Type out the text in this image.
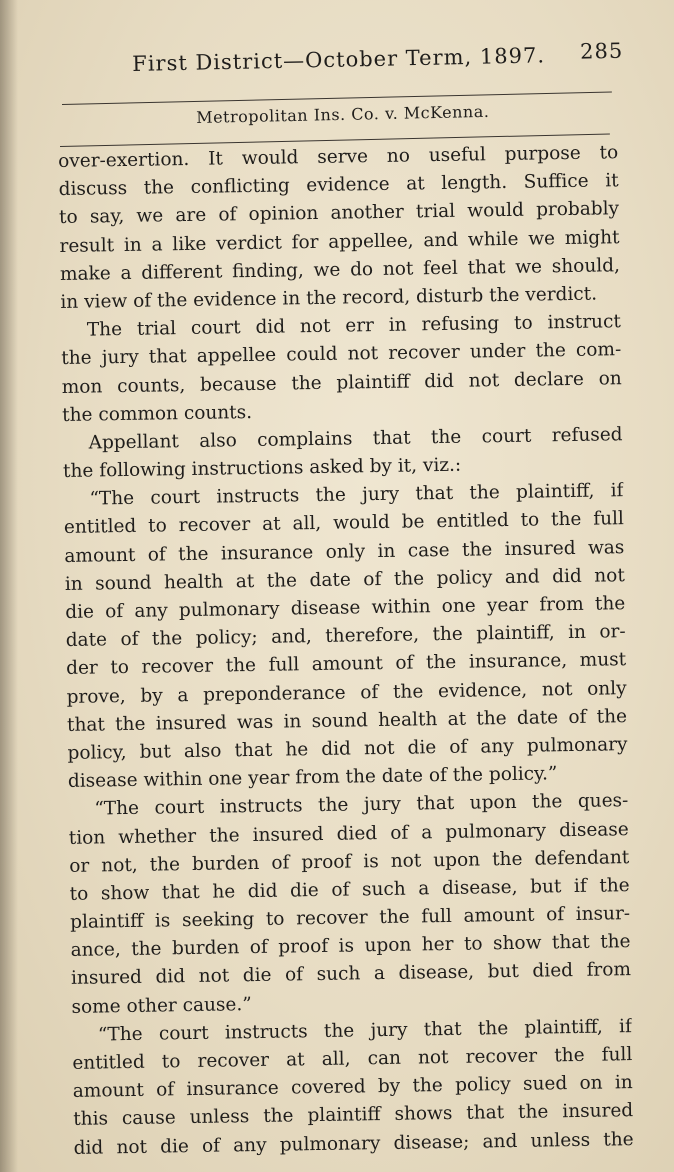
First District—October Term, 1897. 285
Metropolitan Ins. Co. v. McKenna.
over-exertion. It would serve no useful purpose to
discuss the conflicting evidence at length. Suffice it
to say, we are of opinion another trial would probably
result in a like verdict for appellee, and while we might
make a different finding, we do not feel that we should,
in view of the evidence in the record, disturb the verdict.
The trial court did not err in refusing to instruct
the jury that appellee could not recover under the com-
mon counts, because the plaintiff did not declare on
the common counts.
Appellant also complains that the court refused
the following instructions asked by it, viz.:
“The court instructs the jury that the plaintiff, if
entitled to recover at all, would be entitled to the full
amount of the insurance only in case the insured was
in sound health at the date of the policy and did not
die of any pulmonary disease within one year from the
date of the policy; and, therefore, the plaintiff, in or-
der to recover the full amount of the insurance, must
prove, by a preponderance of the evidence, not only
that the insured was in sound health at the date of the
policy, but also that he did not die of any pulmonary
disease within one year from the date of the policy.”
“The court instructs the jury that upon the ques-
tion whether the insured died of a pulmonary disease
or not, the burden of proof is not upon the defendant
to show that he did die of such a disease, but if the
plaintiff is seeking to recover the full amount of insur-
ance, the burden of proof is upon her to show that the
insured did not die of such a disease, but died from
some other cause.”
“The court instructs the jury that the plaintiff, if
entitled to recover at all, can not recover the full
amount of insurance covered by the policy sued on in
this cause unless the plaintiff shows that the insured
did not die of any pulmonary disease; and unless the
